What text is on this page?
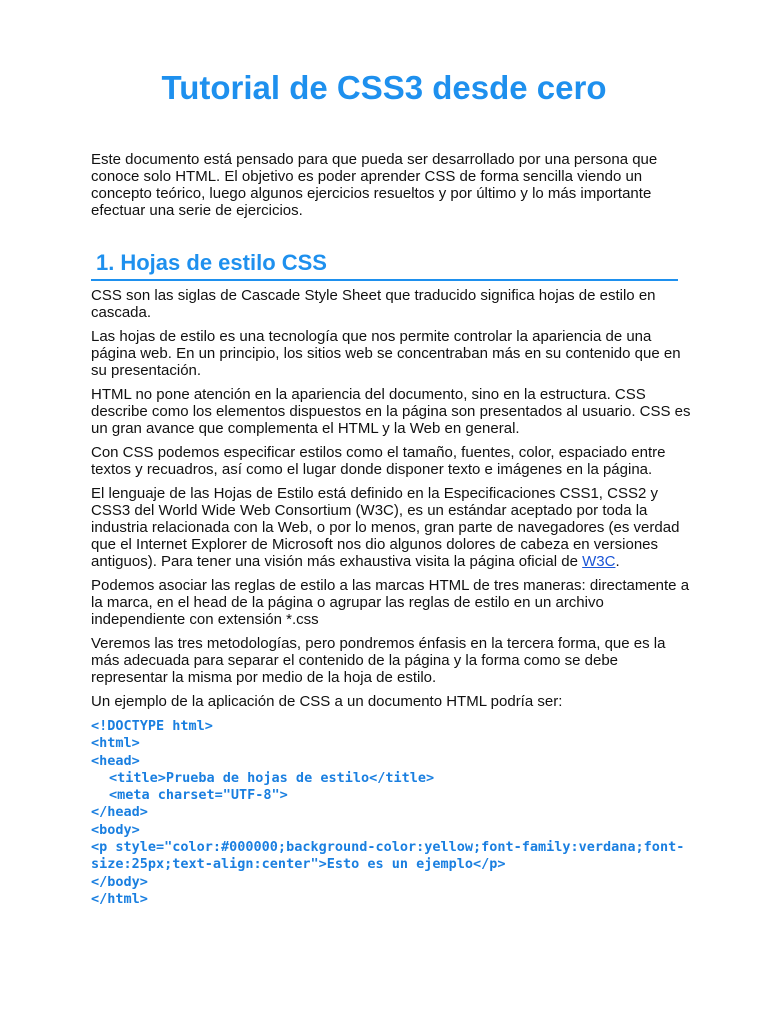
Tutorial de CSS3 desde cero

Este documento está pensado para que pueda ser desarrollado por una persona que conoce solo HTML. El objetivo es poder aprender CSS de forma sencilla viendo un concepto teórico, luego algunos ejercicios resueltos y por último y lo más importante efectuar una serie de ejercicios.

1. Hojas de estilo CSS

CSS son las siglas de Cascade Style Sheet que traducido significa hojas de estilo en cascada.

Las hojas de estilo es una tecnología que nos permite controlar la apariencia de una página web. En un principio, los sitios web se concentraban más en su contenido que en su presentación.

HTML no pone atención en la apariencia del documento, sino en la estructura. CSS describe como los elementos dispuestos en la página son presentados al usuario. CSS es un gran avance que complementa el HTML y la Web en general.

Con CSS podemos especificar estilos como el tamaño, fuentes, color, espaciado entre textos y recuadros, así como el lugar donde disponer texto e imágenes en la página.

El lenguaje de las Hojas de Estilo está definido en la Especificaciones CSS1, CSS2 y CSS3 del World Wide Web Consortium (W3C), es un estándar aceptado por toda la industria relacionada con la Web, o por lo menos, gran parte de navegadores (es verdad que el Internet Explorer de Microsoft nos dio algunos dolores de cabeza en versiones antiguos). Para tener una visión más exhaustiva visita la página oficial de W3C.

Podemos asociar las reglas de estilo a las marcas HTML de tres maneras: directamente a la marca, en el head de la página o agrupar las reglas de estilo en un archivo independiente con extensión *.css

Veremos las tres metodologías, pero pondremos énfasis en la tercera forma, que es la más adecuada para separar el contenido de la página y la forma como se debe representar la misma por medio de la hoja de estilo.

Un ejemplo de la aplicación de CSS a un documento HTML podría ser:

<!DOCTYPE html>
<html>
<head>

<title>Prueba de hojas de estilo</title>
<meta charset="UTF-8">
</head>
<body>
<p style="color:#000000;background-color:yellow;font-family:verdana;font-size:25px;text-align:center">Esto es un ejemplo</p>
</body>
</html>
